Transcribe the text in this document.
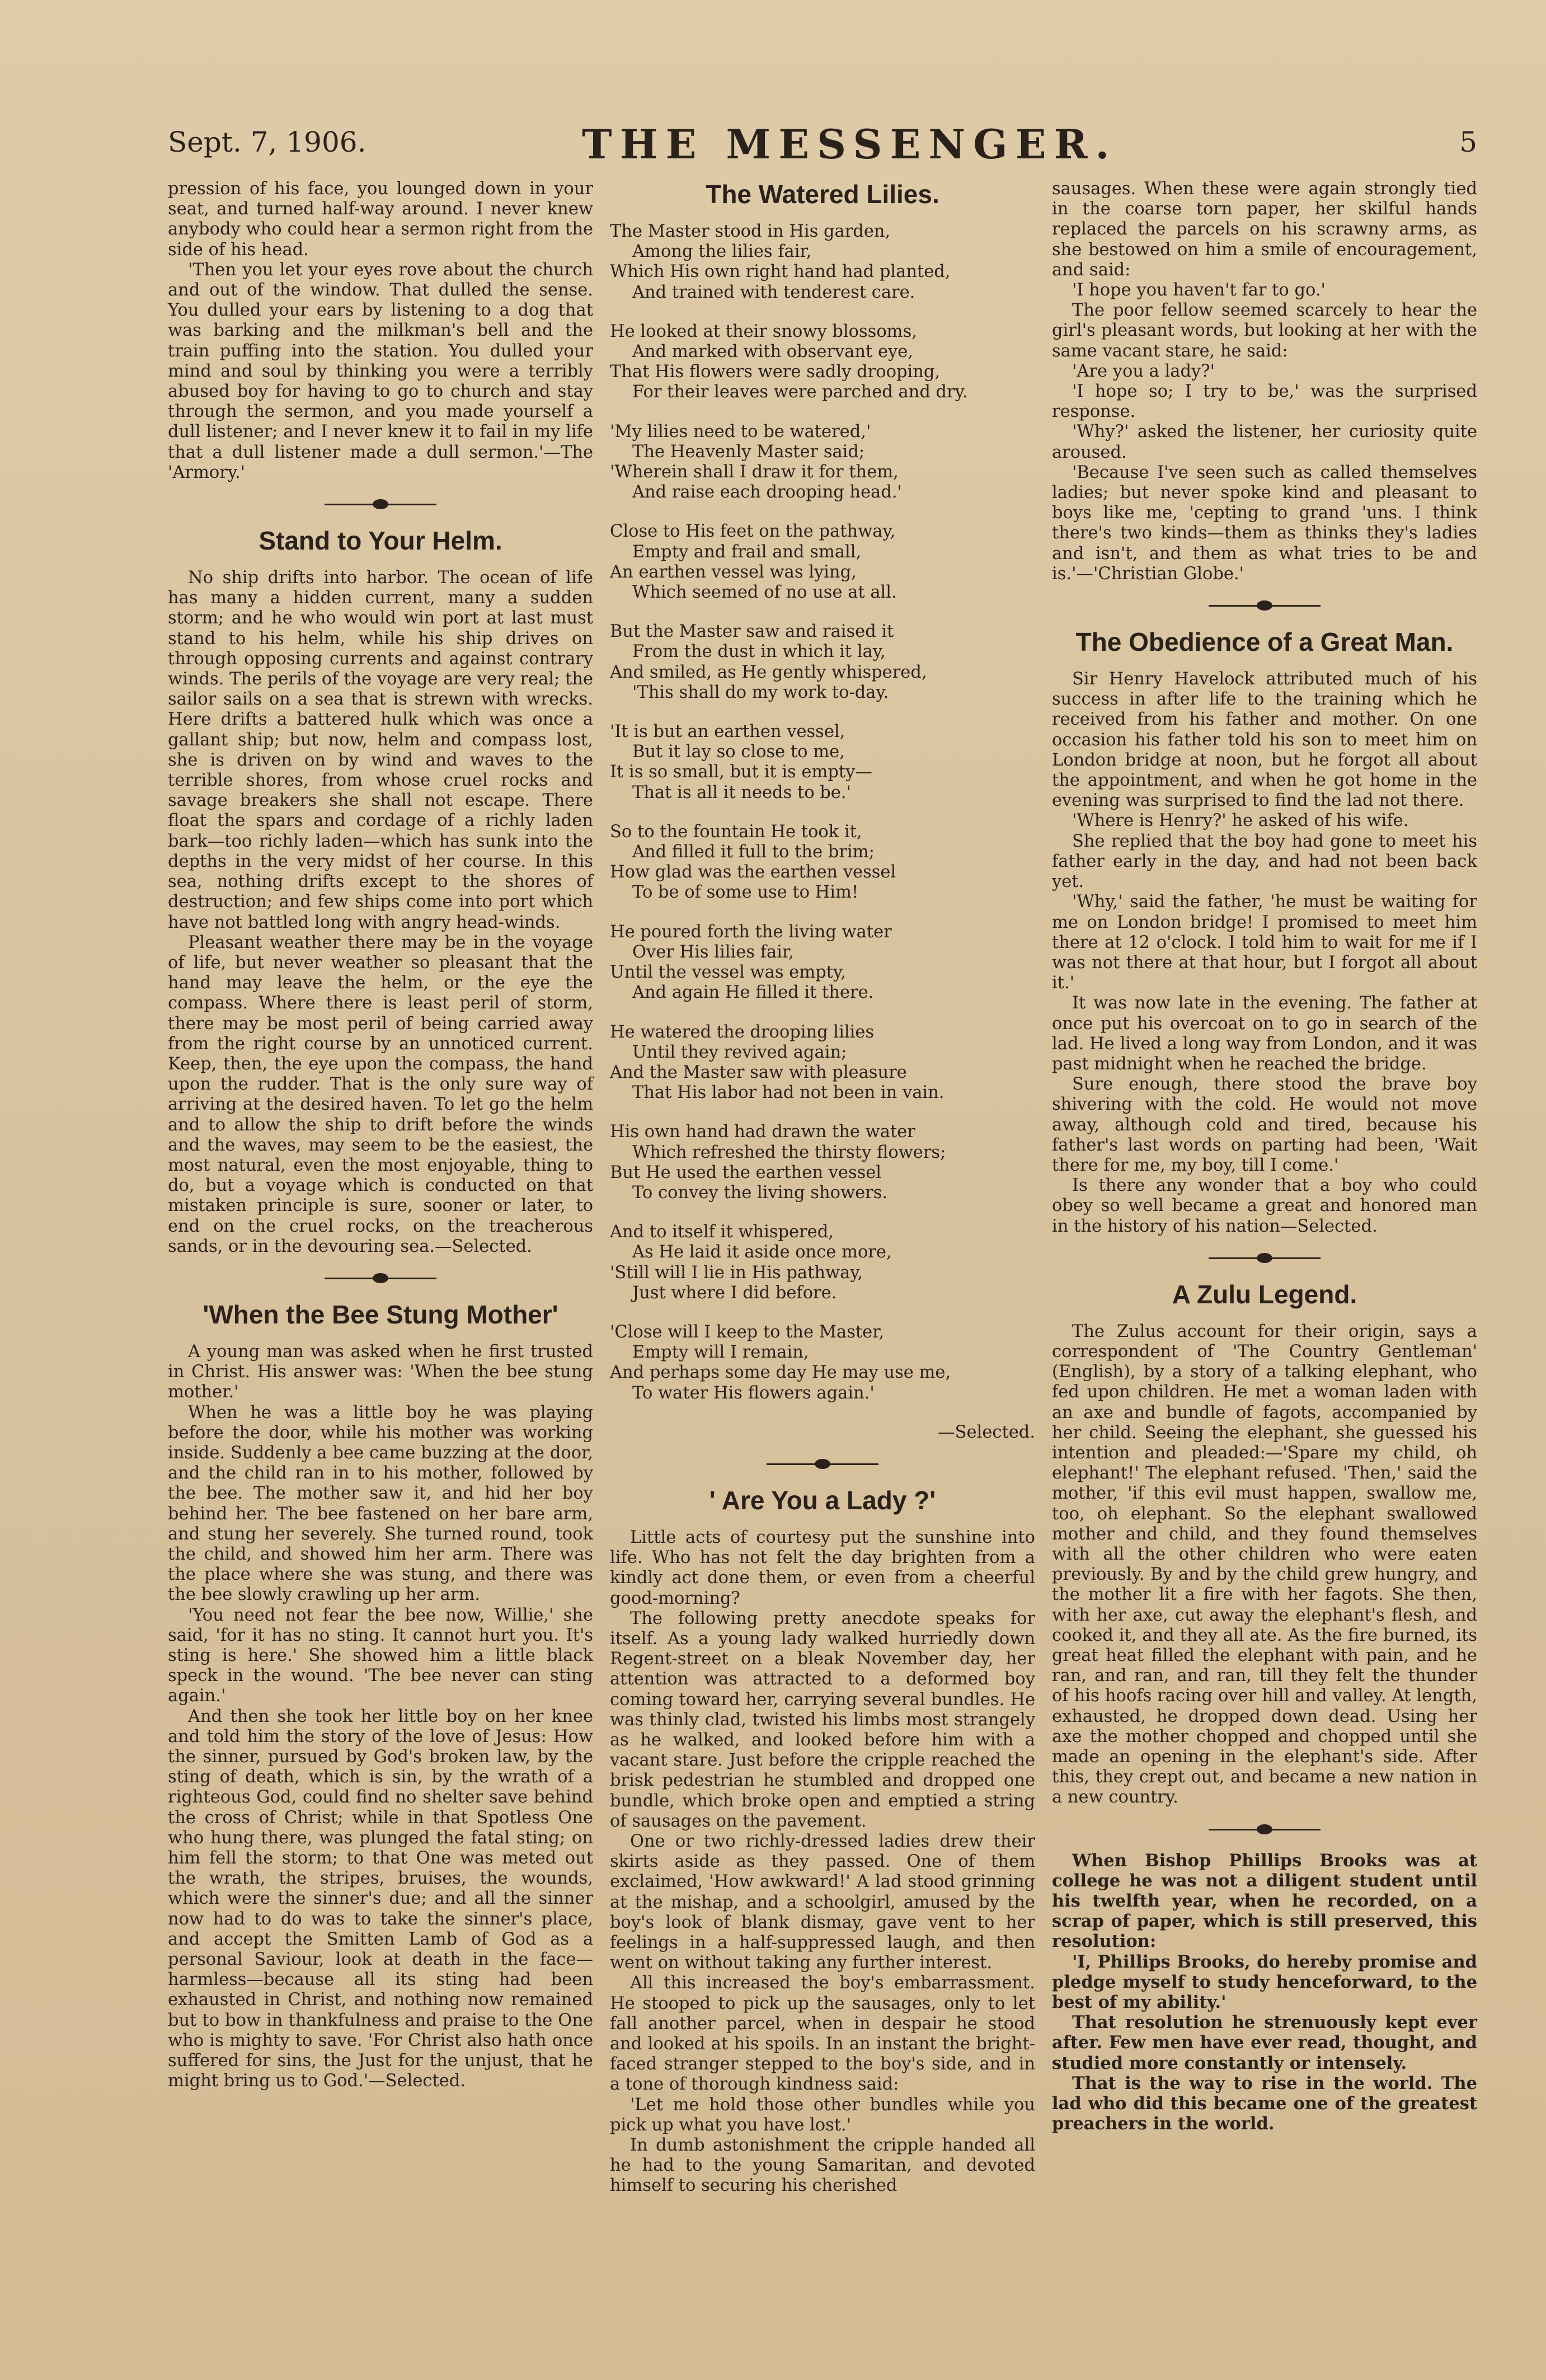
Sept. 7, 1906.	THE MESSENGER.	5

pression of his face, you lounged down in your seat, and turned half-way around. I never knew anybody who could hear a sermon right from the side of his head.

'Then you let your eyes rove about the church and out of the window. That dulled the sense. You dulled your ears by listening to a dog that was barking and the milkman's bell and the train puffing into the station. You dulled your mind and soul by thinking you were a terribly abused boy for having to go to church and stay through the sermon, and you made yourself a dull listener; and I never knew it to fail in my life that a dull listener made a dull sermon.'—The 'Armory.'

Stand to Your Helm.

No ship drifts into harbor. The ocean of life has many a hidden current, many a sudden storm; and he who would win port at last must stand to his helm, while his ship drives on through opposing currents and against contrary winds. The perils of the voyage are very real; the sailor sails on a sea that is strewn with wrecks. Here drifts a battered hulk which was once a gallant ship; but now, helm and compass lost, she is driven on by wind and waves to the terrible shores, from whose cruel rocks and savage breakers she shall not escape. There float the spars and cordage of a richly laden bark—too richly laden—which has sunk into the depths in the very midst of her course. In this sea, nothing drifts except to the shores of destruction; and few ships come into port which have not battled long with angry head-winds.

Pleasant weather there may be in the voyage of life, but never weather so pleasant that the hand may leave the helm, or the eye the compass. Where there is least peril of storm, there may be most peril of being carried away from the right course by an unnoticed current. Keep, then, the eye upon the compass, the hand upon the rudder. That is the only sure way of arriving at the desired haven. To let go the helm and to allow the ship to drift before the winds and the waves, may seem to be the easiest, the most natural, even the most enjoyable, thing to do, but a voyage which is conducted on that mistaken principle is sure, sooner or later, to end on the cruel rocks, on the treacherous sands, or in the devouring sea.—Selected.

'When the Bee Stung Mother'

A young man was asked when he first trusted in Christ. His answer was: 'When the bee stung mother.'

When he was a little boy he was playing before the door, while his mother was working inside. Suddenly a bee came buzzing at the door, and the child ran in to his mother, followed by the bee. The mother saw it, and hid her boy behind her. The bee fastened on her bare arm, and stung her severely. She turned round, took the child, and showed him her arm. There was the place where she was stung, and there was the bee slowly crawling up her arm.

'You need not fear the bee now, Willie,' she said, 'for it has no sting. It cannot hurt you. It's sting is here.' She showed him a little black speck in the wound. 'The bee never can sting again.'

And then she took her little boy on her knee and told him the story of the love of Jesus: How the sinner, pursued by God's broken law, by the sting of death, which is sin, by the wrath of a righteous God, could find no shelter save behind the cross of Christ; while in that Spotless One who hung there, was plunged the fatal sting; on him fell the storm; to that One was meted out the wrath, the stripes, bruises, the wounds, which were the sinner's due; and all the sinner now had to do was to take the sinner's place, and accept the Smitten Lamb of God as a personal Saviour, look at death in the face—harmless—because all its sting had been exhausted in Christ, and nothing now remained but to bow in thankfulness and praise to the One who is mighty to save. 'For Christ also hath once suffered for sins, the Just for the unjust, that he might bring us to God.'—Selected.

The Watered Lilies.
The Master stood in His garden,
Among the lilies fair,
Which His own right hand had planted,
And trained with tenderest care.
He looked at their snowy blossoms,
And marked with observant eye,
That His flowers were sadly drooping,
For their leaves were parched and dry.
'My lilies need to be watered,'
The Heavenly Master said;
'Wherein shall I draw it for them,
And raise each drooping head.'
Close to His feet on the pathway,
Empty and frail and small,
An earthen vessel was lying,
Which seemed of no use at all.
But the Master saw and raised it
From the dust in which it lay,
And smiled, as He gently whispered,
'This shall do my work to-day.
'It is but an earthen vessel,
But it lay so close to me,
It is so small, but it is empty—
That is all it needs to be.'
So to the fountain He took it,
And filled it full to the brim;
How glad was the earthen vessel
To be of some use to Him!
He poured forth the living water
Over His lilies fair,
Until the vessel was empty,
And again He filled it there.
He watered the drooping lilies
Until they revived again;
And the Master saw with pleasure
That His labor had not been in vain.
His own hand had drawn the water
Which refreshed the thirsty flowers;
But He used the earthen vessel
To convey the living showers.
And to itself it whispered,
As He laid it aside once more,
'Still will I lie in His pathway,
Just where I did before.
'Close will I keep to the Master,
Empty will I remain,
And perhaps some day He may use me,
To water His flowers again.'
—Selected.
' Are You a Lady ?'

Little acts of courtesy put the sunshine into life. Who has not felt the day brighten from a kindly act done them, or even from a cheerful good-morning?

The following pretty anecdote speaks for itself. As a young lady walked hurriedly down Regent-street on a bleak November day, her attention was attracted to a deformed boy coming toward her, carrying several bundles. He was thinly clad, twisted his limbs most strangely as he walked, and looked before him with a vacant stare. Just before the cripple reached the brisk pedestrian he stumbled and dropped one bundle, which broke open and emptied a string of sausages on the pavement.

One or two richly-dressed ladies drew their skirts aside as they passed. One of them exclaimed, 'How awkward!' A lad stood grinning at the mishap, and a schoolgirl, amused by the boy's look of blank dismay, gave vent to her feelings in a half-suppressed laugh, and then went on without taking any further interest.

All this increased the boy's embarrassment. He stooped to pick up the sausages, only to let fall another parcel, when in despair he stood and looked at his spoils. In an instant the bright-faced stranger stepped to the boy's side, and in a tone of thorough kindness said:

'Let me hold those other bundles while you pick up what you have lost.'

In dumb astonishment the cripple handed all he had to the young Samaritan, and devoted himself to securing his cherished

sausages. When these were again strongly tied in the coarse torn paper, her skilful hands replaced the parcels on his scrawny arms, as she bestowed on him a smile of encouragement, and said:

'I hope you haven't far to go.'

The poor fellow seemed scarcely to hear the girl's pleasant words, but looking at her with the same vacant stare, he said:

'Are you a lady?'

'I hope so; I try to be,' was the surprised response.

'Why?' asked the listener, her curiosity quite aroused.

'Because I've seen such as called themselves ladies; but never spoke kind and pleasant to boys like me, 'cepting to grand 'uns. I think there's two kinds—them as thinks they's ladies and isn't, and them as what tries to be and is.'—'Christian Globe.'

The Obedience of a Great Man.

Sir Henry Havelock attributed much of his success in after life to the training which he received from his father and mother. On one occasion his father told his son to meet him on London bridge at noon, but he forgot all about the appointment, and when he got home in the evening was surprised to find the lad not there.

'Where is Henry?' he asked of his wife.

She replied that the boy had gone to meet his father early in the day, and had not been back yet.

'Why,' said the father, 'he must be waiting for me on London bridge! I promised to meet him there at 12 o'clock. I told him to wait for me if I was not there at that hour, but I forgot all about it.'

It was now late in the evening. The father at once put his overcoat on to go in search of the lad. He lived a long way from London, and it was past midnight when he reached the bridge.

Sure enough, there stood the brave boy shivering with the cold. He would not move away, although cold and tired, because his father's last words on parting had been, 'Wait there for me, my boy, till I come.'

Is there any wonder that a boy who could obey so well became a great and honored man in the history of his nation—Selected.

A Zulu Legend.

The Zulus account for their origin, says a correspondent of 'The Country Gentleman' (English), by a story of a talking elephant, who fed upon children. He met a woman laden with an axe and bundle of fagots, accompanied by her child. Seeing the elephant, she guessed his intention and pleaded:—'Spare my child, oh elephant!' The elephant refused. 'Then,' said the mother, 'if this evil must happen, swallow me, too, oh elephant. So the elephant swallowed mother and child, and they found themselves with all the other children who were eaten previously. By and by the child grew hungry, and the mother lit a fire with her fagots. She then, with her axe, cut away the elephant's flesh, and cooked it, and they all ate. As the fire burned, its great heat filled the elephant with pain, and he ran, and ran, and ran, till they felt the thunder of his hoofs racing over hill and valley. At length, exhausted, he dropped down dead. Using her axe the mother chopped and chopped until she made an opening in the elephant's side. After this, they crept out, and became a new nation in a new country.

When Bishop Phillips Brooks was at college he was not a diligent student until his twelfth year, when he recorded, on a scrap of paper, which is still preserved, this resolution:

'I, Phillips Brooks, do hereby promise and pledge myself to study henceforward, to the best of my ability.'

That resolution he strenuously kept ever after. Few men have ever read, thought, and studied more constantly or intensely.

That is the way to rise in the world. The lad who did this became one of the greatest preachers in the world.
